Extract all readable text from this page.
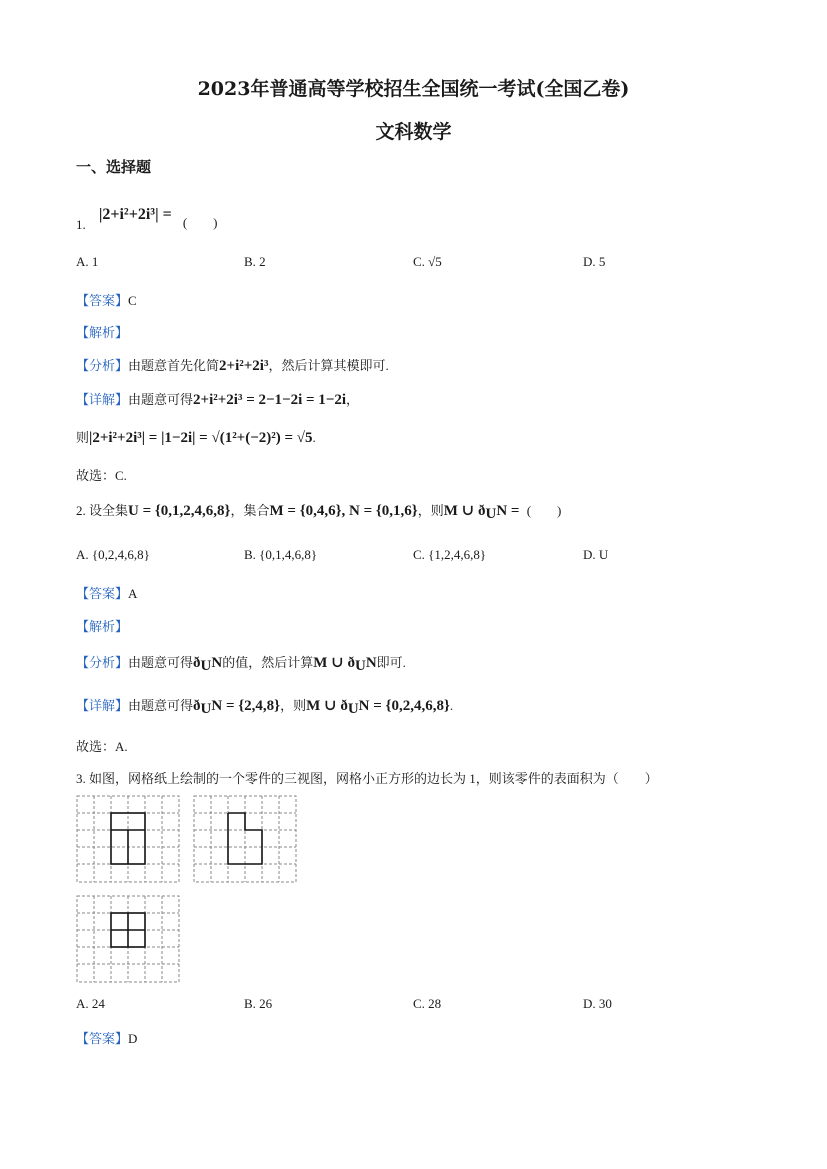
2023年普通高等学校招生全国统一考试(全国乙卷)
文科数学
一、选择题
$_{1.}$ |2+i²+2i³| = $_{( )}$
A. 1	B. 2	C. √5	D. 5
【答案】C
【解析】
【分析】由题意首先化简2+i²+2i³，然后计算其模即可.
【详解】由题意可得2+i²+2i³ = 2−1−2i = 1−2i，
则|2+i²+2i³| = |1−2i| = √(1²+(−2)²) = √5.
故选：C.
2. 设全集U = {0,1,2,4,6,8}，集合M = {0,4,6}, N = {0,1,6}，则M ∪ $ð_UN$ = (　　)
A. {0,2,4,6,8}	B. {0,1,4,6,8}	C. {1,2,4,6,8}	D. U
【答案】A
【解析】
【分析】由题意可得$ð_UN$的值，然后计算M ∪ $ð_UN$即可.
【详解】由题意可得$ð_UN = \{2,4,8\}$，则M ∪ $ð_UN = \{0,2,4,6,8\}$.
故选：A.
3. 如图，网格纸上绘制的一个零件的三视图，网格小正方形的边长为 1，则该零件的表面积为（　　）
A. 24	B. 26	C. 28	D. 30
【答案】D
